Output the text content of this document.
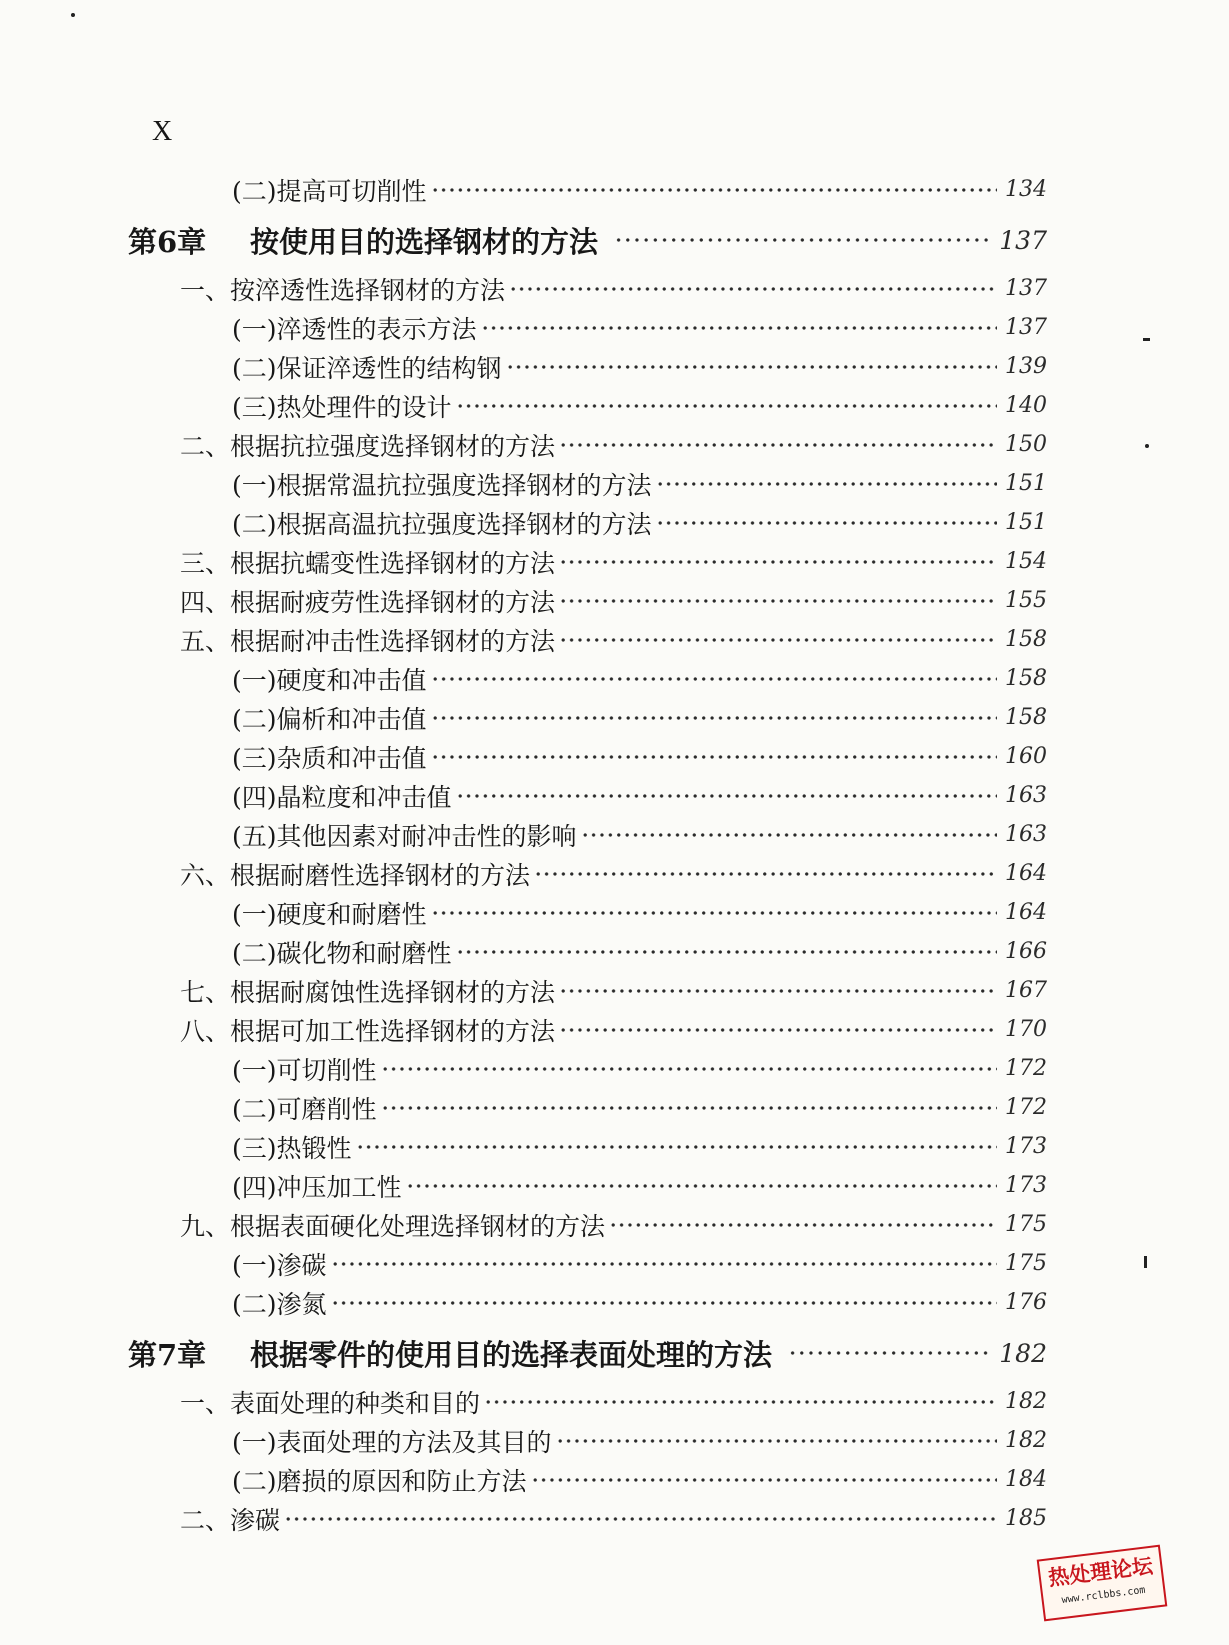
X
(二)提高可切削性	134
第6章	按使用目的选择钢材的方法	137
一、按淬透性选择钢材的方法	137
(一)淬透性的表示方法	137
(二)保证淬透性的结构钢	139
(三)热处理件的设计	140
二、根据抗拉强度选择钢材的方法	150
(一)根据常温抗拉强度选择钢材的方法	151
(二)根据高温抗拉强度选择钢材的方法	151
三、根据抗蠕变性选择钢材的方法	154
四、根据耐疲劳性选择钢材的方法	155
五、根据耐冲击性选择钢材的方法	158
(一)硬度和冲击值	158
(二)偏析和冲击值	158
(三)杂质和冲击值	160
(四)晶粒度和冲击值	163
(五)其他因素对耐冲击性的影响	163
六、根据耐磨性选择钢材的方法	164
(一)硬度和耐磨性	164
(二)碳化物和耐磨性	166
七、根据耐腐蚀性选择钢材的方法	167
八、根据可加工性选择钢材的方法	170
(一)可切削性	172
(二)可磨削性	172
(三)热锻性	173
(四)冲压加工性	173
九、根据表面硬化处理选择钢材的方法	175
(一)渗碳	175
(二)渗氮	176
第7章	根据零件的使用目的选择表面处理的方法	182
一、表面处理的种类和目的	182
(一)表面处理的方法及其目的	182
(二)磨损的原因和防止方法	184
二、渗碳	185
热处理论坛
www.rclbbs.com
